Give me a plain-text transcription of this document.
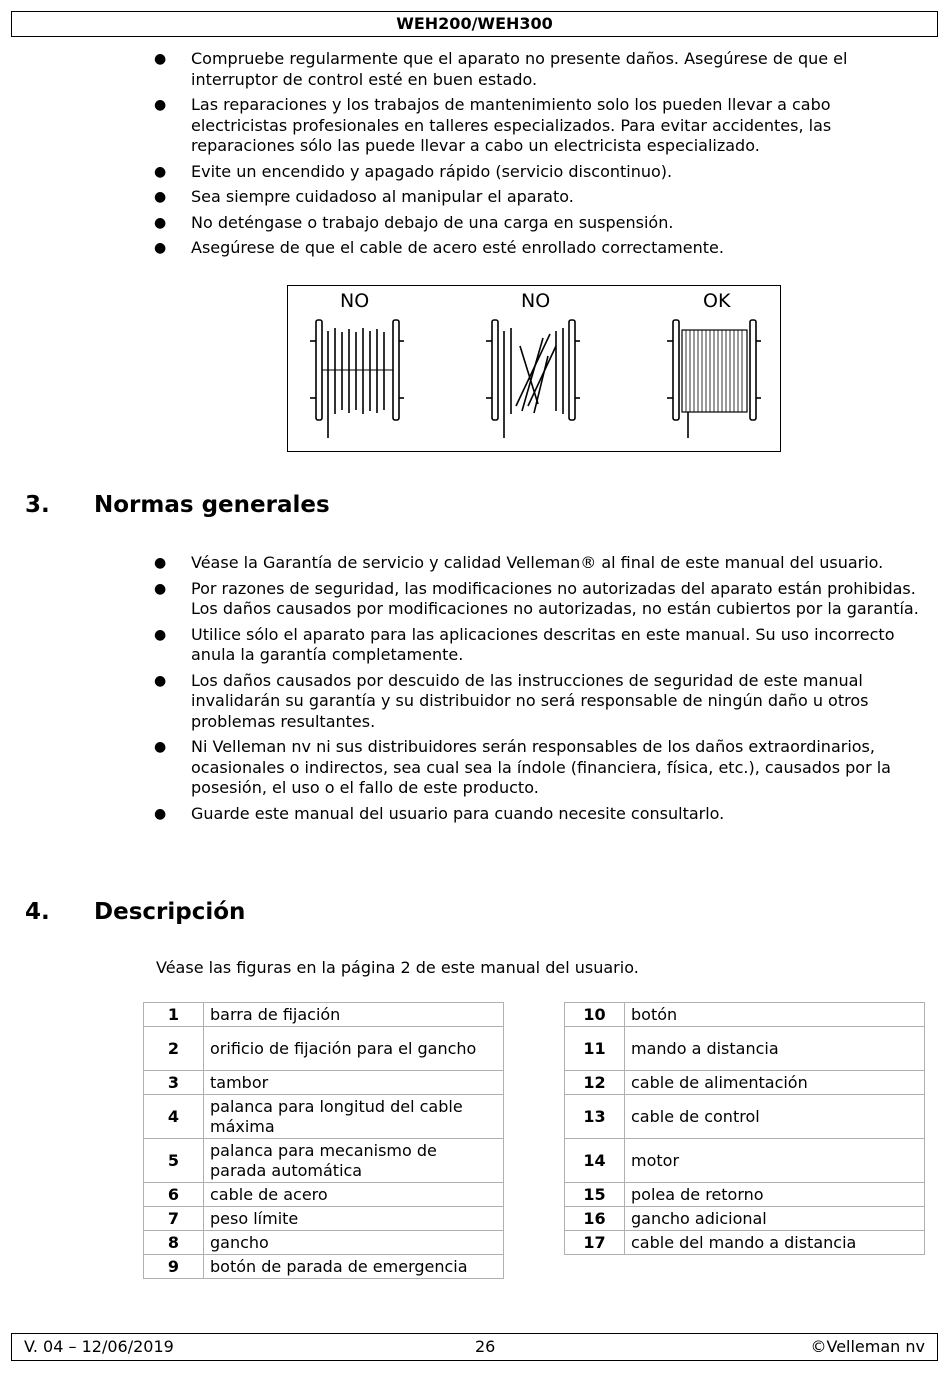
WEH200/WEH300
● Compruebe regularmente que el aparato no presente daños. Asegúrese de que el interruptor de control esté en buen estado.
● Las reparaciones y los trabajos de mantenimiento solo los pueden llevar a cabo electricistas profesionales en talleres especializados. Para evitar accidentes, las reparaciones sólo las puede llevar a cabo un electricista especializado.
● Evite un encendido y apagado rápido (servicio discontinuo).
● Sea siempre cuidadoso al manipular el aparato.
● No deténgase o trabajo debajo de una carga en suspensión.
● Asegúrese de que el cable de acero esté enrollado correctamente.
NO	NO	OK
3. Normas generales
● Véase la Garantía de servicio y calidad Velleman® al final de este manual del usuario.
● Por razones de seguridad, las modificaciones no autorizadas del aparato están prohibidas. Los daños causados por modificaciones no autorizadas, no están cubiertos por la garantía.
● Utilice sólo el aparato para las aplicaciones descritas en este manual. Su uso incorrecto anula la garantía completamente.
● Los daños causados por descuido de las instrucciones de seguridad de este manual invalidarán su garantía y su distribuidor no será responsable de ningún daño u otros problemas resultantes.
● Ni Velleman nv ni sus distribuidores serán responsables de los daños extraordinarios, ocasionales o indirectos, sea cual sea la índole (financiera, física, etc.), causados por la posesión, el uso o el fallo de este producto.
● Guarde este manual del usuario para cuando necesite consultarlo.
4. Descripción
Véase las figuras en la página 2 de este manual del usuario.
1	barra de fijación
2	orificio de fijación para el gancho
3	tambor
4	palanca para longitud del cable máxima
5	palanca para mecanismo de parada automática
6	cable de acero
7	peso límite
8	gancho
9	botón de parada de emergencia
10	botón
11	mando a distancia
12	cable de alimentación
13	cable de control
14	motor
15	polea de retorno
16	gancho adicional
17	cable del mando a distancia
V. 04 – 12/06/2019	26	©Velleman nv
